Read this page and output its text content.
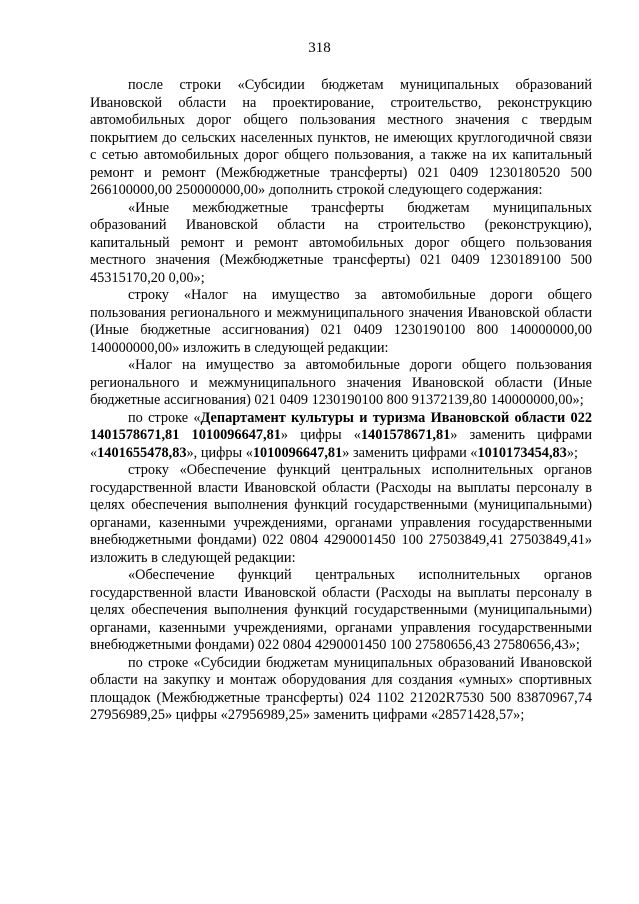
318

после строки «Субсидии бюджетам муниципальных образований Ивановской области на проектирование, строительство, реконструкцию автомобильных дорог общего пользования местного значения с твердым покрытием до сельских населенных пунктов, не имеющих круглогодичной связи с сетью автомобильных дорог общего пользования, а также на их капитальный ремонт и ремонт (Межбюджетные трансферты) 021 0409 1230180520 500 266100000,00 250000000,00» дополнить строкой следующего содержания:

«Иные межбюджетные трансферты бюджетам муниципальных образований Ивановской области на строительство (реконструкцию), капитальный ремонт и ремонт автомобильных дорог общего пользования местного значения (Межбюджетные трансферты) 021 0409 1230189100 500 45315170,20 0,00»;

строку «Налог на имущество за автомобильные дороги общего пользования регионального и межмуниципального значения Ивановской области (Иные бюджетные ассигнования) 021 0409 1230190100 800 140000000,00 140000000,00» изложить в следующей редакции:

«Налог на имущество за автомобильные дороги общего пользования регионального и межмуниципального значения Ивановской области (Иные бюджетные ассигнования) 021 0409 1230190100 800 91372139,80 140000000,00»;

по строке «Департамент культуры и туризма Ивановской области 022 1401578671,81 1010096647,81» цифры «1401578671,81» заменить цифрами «1401655478,83», цифры «1010096647,81» заменить цифрами «1010173454,83»;

строку «Обеспечение функций центральных исполнительных органов государственной власти Ивановской области (Расходы на выплаты персоналу в целях обеспечения выполнения функций государственными (муниципальными) органами, казенными учреждениями, органами управления государственными внебюджетными фондами) 022 0804 4290001450 100 27503849,41 27503849,41» изложить в следующей редакции:

«Обеспечение функций центральных исполнительных органов государственной власти Ивановской области (Расходы на выплаты персоналу в целях обеспечения выполнения функций государственными (муниципальными) органами, казенными учреждениями, органами управления государственными внебюджетными фондами) 022 0804 4290001450 100 27580656,43 27580656,43»;

по строке «Субсидии бюджетам муниципальных образований Ивановской области на закупку и монтаж оборудования для создания «умных» спортивных площадок (Межбюджетные трансферты) 024 1102 21202R7530 500 83870967,74 27956989,25» цифры «27956989,25» заменить цифрами «28571428,57»;
